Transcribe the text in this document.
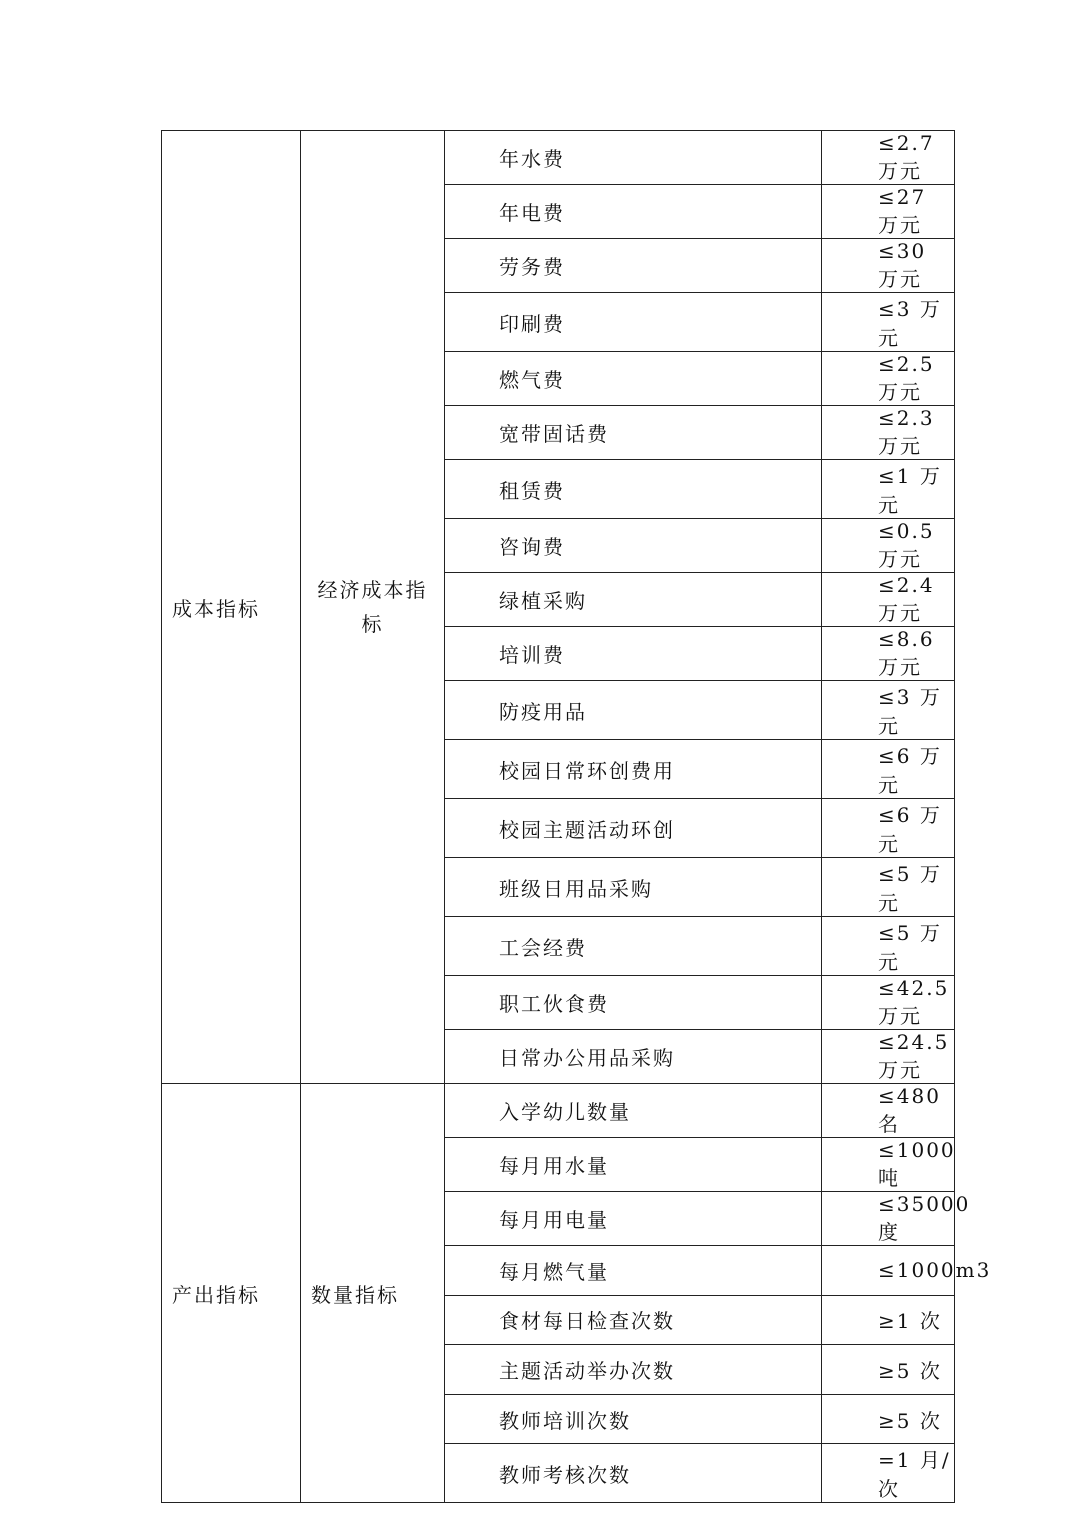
成本指标	经济成本指标	年水费	≤2.7 万元
		年电费	≤27 万元
		劳务费	≤30 万元
		印刷费	≤3 万元
		燃气费	≤2.5 万元
		宽带固话费	≤2.3 万元
		租赁费	≤1 万元
		咨询费	≤0.5 万元
		绿植采购	≤2.4 万元
		培训费	≤8.6 万元
		防疫用品	≤3 万元
		校园日常环创费用	≤6 万元
		校园主题活动环创	≤6 万元
		班级日用品采购	≤5 万元
		工会经费	≤5 万元
		职工伙食费	≤42.5 万元
		日常办公用品采购	≤24.5 万元
产出指标	数量指标	入学幼儿数量	≤480 名
		每月用水量	≤1000 吨
		每月用电量	≤35000 度
		每月燃气量	≤1000m3
		食材每日检查次数	≥1 次
		主题活动举办次数	≥5 次
		教师培训次数	≥5 次
		教师考核次数	=1 月/次
